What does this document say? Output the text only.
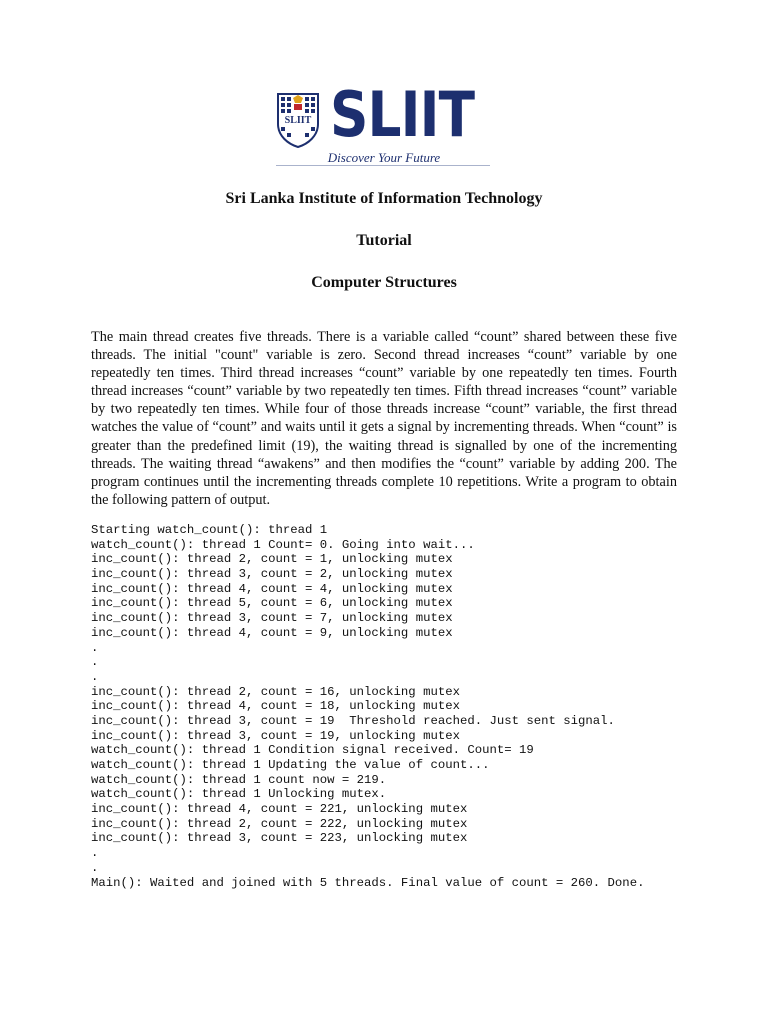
SLIIT SLIIT
Discover Your Future
Sri Lanka Institute of Information Technology
Tutorial
Computer Structures

The main thread creates five threads. There is a variable called “count” shared between these five threads. The initial "count" variable is zero. Second thread increases “count” variable by one repeatedly ten times. Third thread increases “count” variable by one repeatedly ten times. Fourth thread increases “count” variable by two repeatedly ten times. Fifth thread increases “count” variable by two repeatedly ten times. While four of those threads increase “count” variable, the first thread watches the value of “count” and waits until it gets a signal by incrementing threads. When “count” is greater than the predefined limit (19), the waiting thread is signalled by one of the incrementing threads. The waiting thread “awakens” and then modifies the “count” variable by adding 200. The program continues until the incrementing threads complete 10 repetitions. Write a program to obtain the following pattern of output.

Starting watch_count(): thread 1
watch_count(): thread 1 Count= 0. Going into wait...
inc_count(): thread 2, count = 1, unlocking mutex
inc_count(): thread 3, count = 2, unlocking mutex
inc_count(): thread 4, count = 4, unlocking mutex
inc_count(): thread 5, count = 6, unlocking mutex
inc_count(): thread 3, count = 7, unlocking mutex
inc_count(): thread 4, count = 9, unlocking mutex
.
.
.
inc_count(): thread 2, count = 16, unlocking mutex
inc_count(): thread 4, count = 18, unlocking mutex
inc_count(): thread 3, count = 19  Threshold reached. Just sent signal.
inc_count(): thread 3, count = 19, unlocking mutex
watch_count(): thread 1 Condition signal received. Count= 19
watch_count(): thread 1 Updating the value of count...
watch_count(): thread 1 count now = 219.
watch_count(): thread 1 Unlocking mutex.
inc_count(): thread 4, count = 221, unlocking mutex
inc_count(): thread 2, count = 222, unlocking mutex
inc_count(): thread 3, count = 223, unlocking mutex
.
.
Main(): Waited and joined with 5 threads. Final value of count = 260. Done.
